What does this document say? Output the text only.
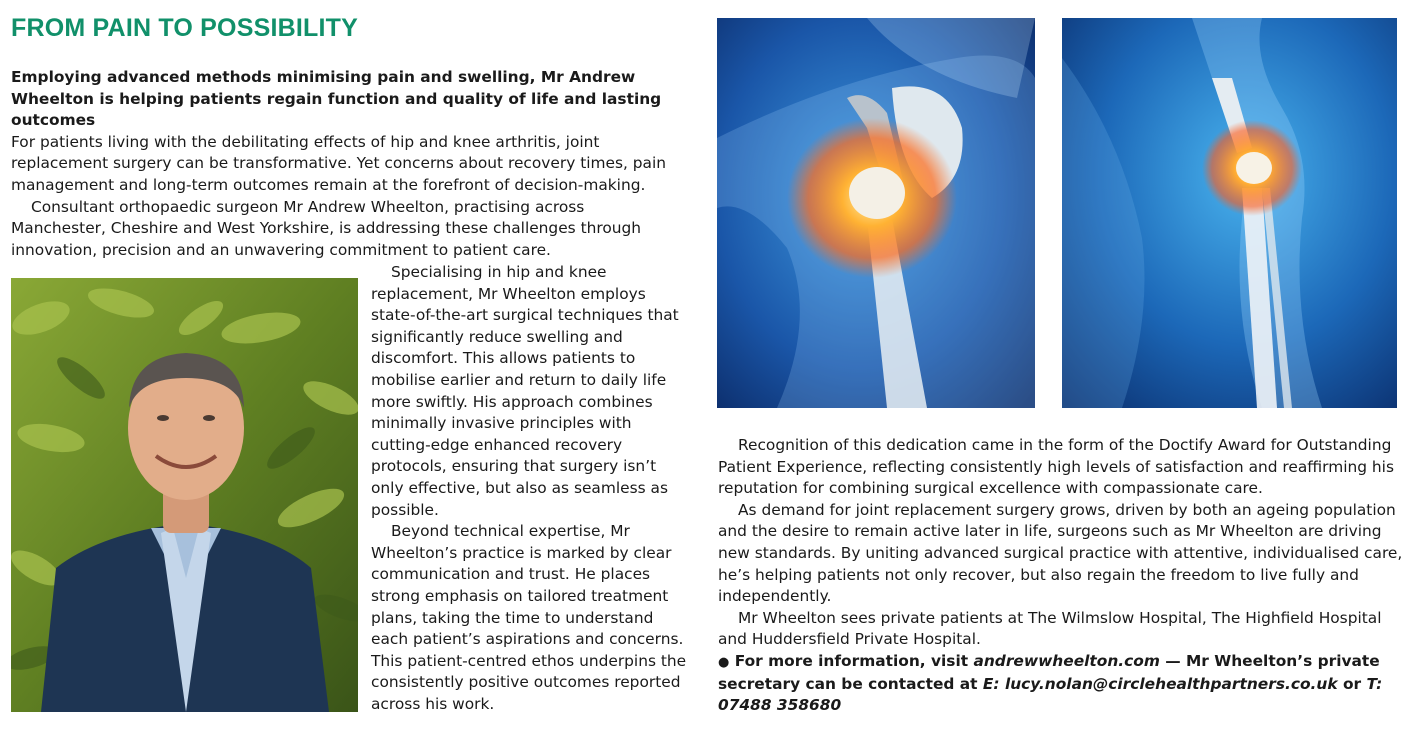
FROM PAIN TO POSSIBILITY

Employing advanced methods minimising pain and swelling, Mr Andrew Wheelton is helping patients regain function and quality of life and lasting outcomes

For patients living with the debilitating effects of hip and knee arthritis, joint replacement surgery can be transformative. Yet concerns about recovery times, pain management and long-term outcomes remain at the forefront of decision-making.

Consultant orthopaedic surgeon Mr Andrew Wheelton, practising across Manchester, Cheshire and West Yorkshire, is addressing these challenges through innovation, precision and an unwavering commitment to patient care.

Specialising in hip and knee replacement, Mr Wheelton employs state-of-the-art surgical techniques that significantly reduce swelling and discomfort. This allows patients to mobilise earlier and return to daily life more swiftly. His approach combines minimally invasive principles with cutting-edge enhanced recovery protocols, ensuring that surgery isn’t only effective, but also as seamless as possible.

Beyond technical expertise, Mr Wheelton’s practice is marked by clear communication and trust. He places strong emphasis on tailored treatment plans, taking the time to understand each patient’s aspirations and concerns. This patient-centred ethos underpins the consistently positive outcomes reported across his work.

Recognition of this dedication came in the form of the Doctify Award for Outstanding Patient Experience, reflecting consistently high levels of satisfaction and reaffirming his reputation for combining surgical excellence with compassionate care.

As demand for joint replacement surgery grows, driven by both an ageing population and the desire to remain active later in life, surgeons such as Mr Wheelton are driving new standards. By uniting advanced surgical practice with attentive, individualised care, he’s helping patients not only recover, but also regain the freedom to live fully and independently.

Mr Wheelton sees private patients at The Wilmslow Hospital, The Highfield Hospital and Huddersfield Private Hospital.

● For more information, visit andrewwheelton.com — Mr Wheelton’s private secretary can be contacted at E: lucy.nolan@circlehealthpartners.co.uk or T: 07488 358680
